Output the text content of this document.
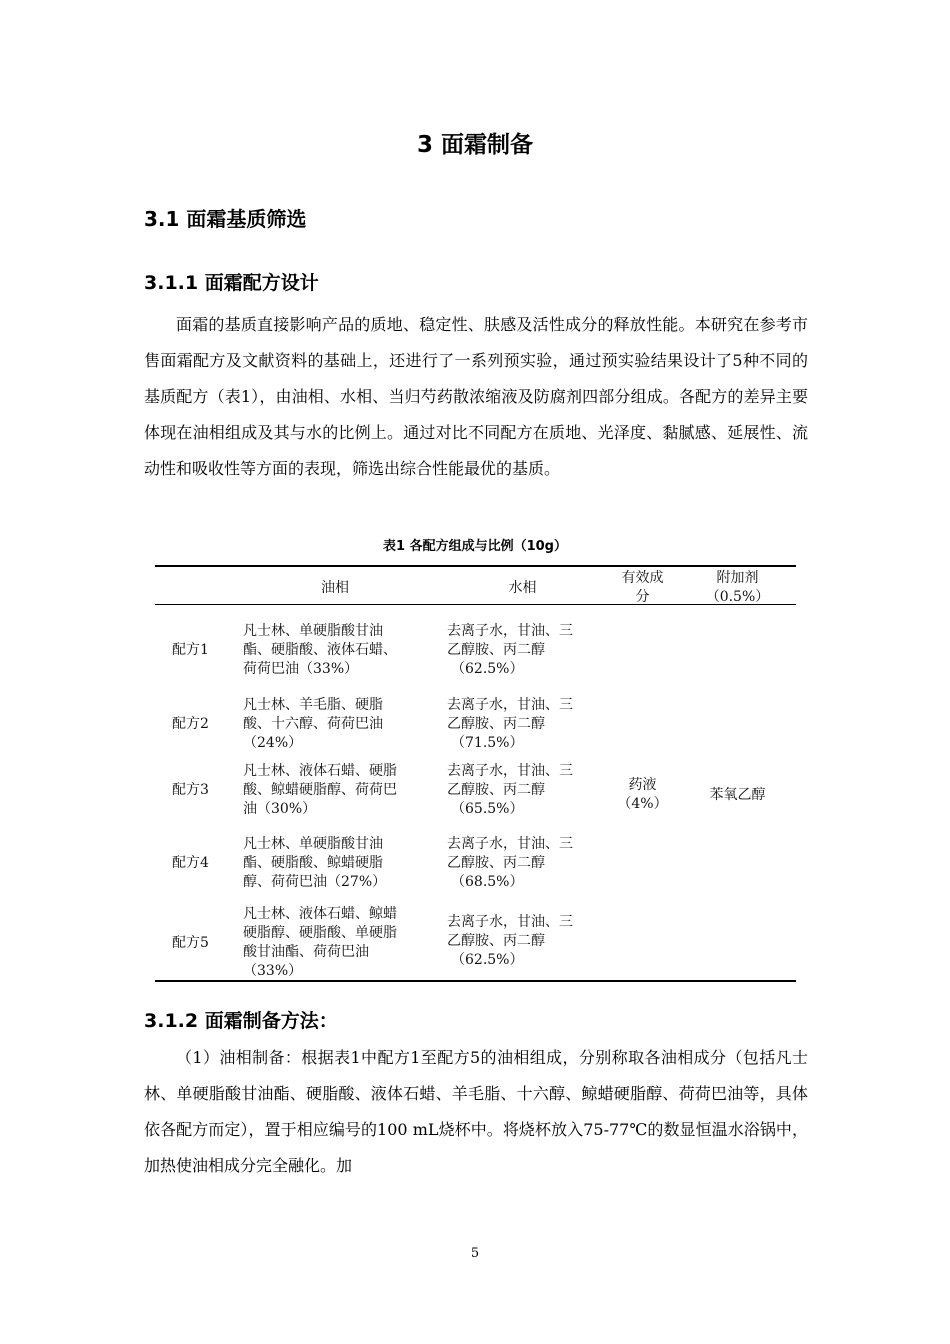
3 面霜制备
3.1 面霜基质筛选
3.1.1 面霜配方设计

面霜的基质直接影响产品的质地、稳定性、肤感及活性成分的释放性能。本研究在参考市售面霜配方及文献资料的基础上，还进行了一系列预实验，通过预实验结果设计了5种不同的基质配方（表1），由油相、水相、当归芍药散浓缩液及防腐剂四部分组成。各配方的差异主要体现在油相组成及其与水的比例上。通过对比不同配方在质地、光泽度、黏腻感、延展性、流动性和吸收性等方面的表现，筛选出综合性能最优的基质。

表1 各配方组成与比例（10g）
油相	水相
有效成
分
附加剂
（0.5%）
配方1
凡士林、单硬脂酸甘油
酯、硬脂酸、液体石蜡、
荷荷巴油（33%）
去离子水，甘油、三
乙醇胺、丙二醇
（62.5%）
配方2
凡士林、羊毛脂、硬脂
酸、十六醇、荷荷巴油
（24%）
去离子水，甘油、三
乙醇胺、丙二醇
（71.5%）
配方3
凡士林、液体石蜡、硬脂
酸、鲸蜡硬脂醇、荷荷巴
油（30%）
去离子水，甘油、三
乙醇胺、丙二醇
（65.5%）
配方4
凡士林、单硬脂酸甘油
酯、硬脂酸、鲸蜡硬脂
醇、荷荷巴油（27%）
去离子水，甘油、三
乙醇胺、丙二醇
（68.5%）
配方5
凡士林、液体石蜡、鲸蜡
硬脂醇、硬脂酸、单硬脂
酸甘油酯、荷荷巴油
（33%）
去离子水，甘油、三
乙醇胺、丙二醇
（62.5%）
药液
（4%）
苯氧乙醇
3.1.2 面霜制备方法：

（1）油相制备：根据表1中配方1至配方5的油相组成，分别称取各油相成分（包括凡士林、单硬脂酸甘油酯、硬脂酸、液体石蜡、羊毛脂、十六醇、鲸蜡硬脂醇、荷荷巴油等，具体依各配方而定），置于相应编号的100 mL烧杯中。将烧杯放入75-77℃的数显恒温水浴锅中，加热使油相成分完全融化。加

5
